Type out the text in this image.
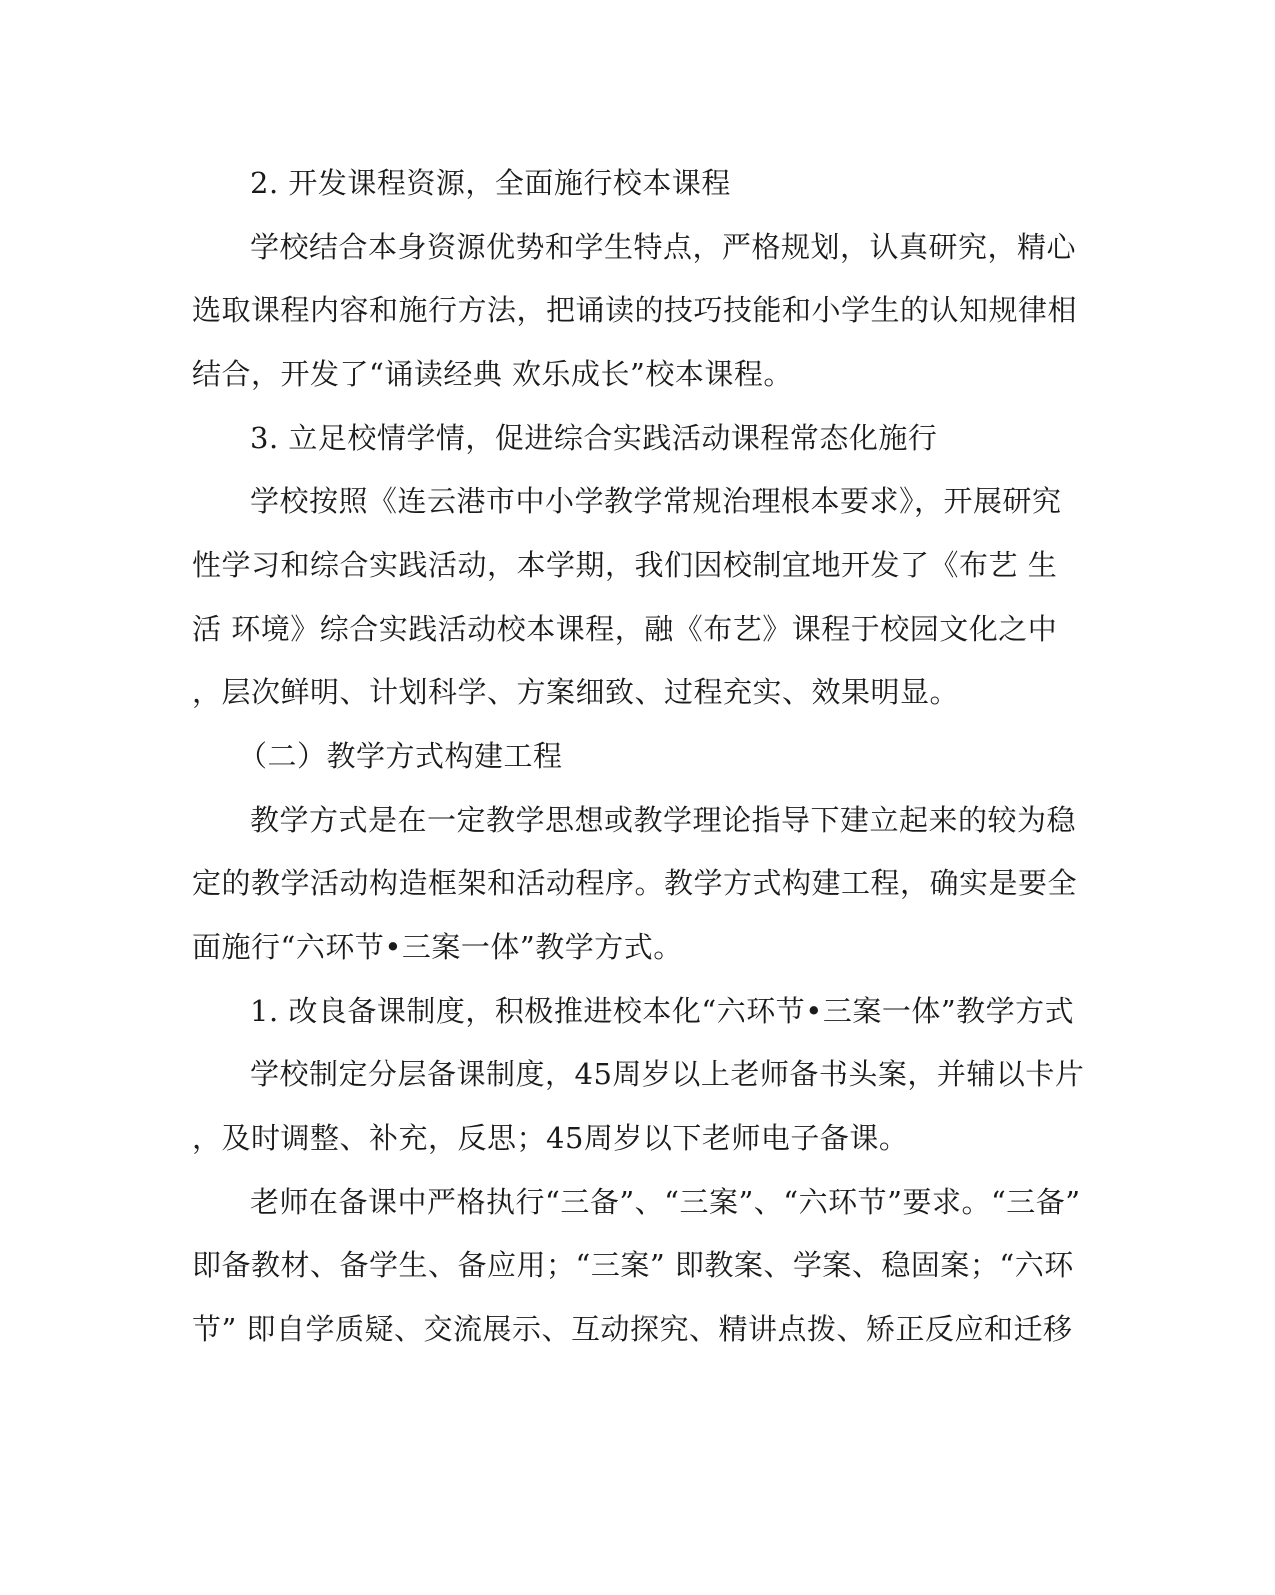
2. 开发课程资源，全面施行校本课程
学校结合本身资源优势和学生特点，严格规划，认真研究，精心
选取课程内容和施行方法，把诵读的技巧技能和小学生的认知规律相
结合，开发了“诵读经典 欢乐成长”校本课程。
3. 立足校情学情，促进综合实践活动课程常态化施行
学校按照《连云港市中小学教学常规治理根本要求》，开展研究
性学习和综合实践活动，本学期，我们因校制宜地开发了《布艺 生
活 环境》综合实践活动校本课程，融《布艺》课程于校园文化之中
，层次鲜明、计划科学、方案细致、过程充实、效果明显。
（二）教学方式构建工程
教学方式是在一定教学思想或教学理论指导下建立起来的较为稳
定的教学活动构造框架和活动程序。教学方式构建工程，确实是要全
面施行“六环节•三案一体”教学方式。
1. 改良备课制度，积极推进校本化“六环节•三案一体”教学方式
学校制定分层备课制度，45周岁以上老师备书头案，并辅以卡片
，及时调整、补充，反思；45周岁以下老师电子备课。
老师在备课中严格执行“三备”、“三案”、“六环节”要求。“三备”
即备教材、备学生、备应用；“三案” 即教案、学案、稳固案；“六环
节” 即自学质疑、交流展示、互动探究、精讲点拨、矫正反应和迁移
